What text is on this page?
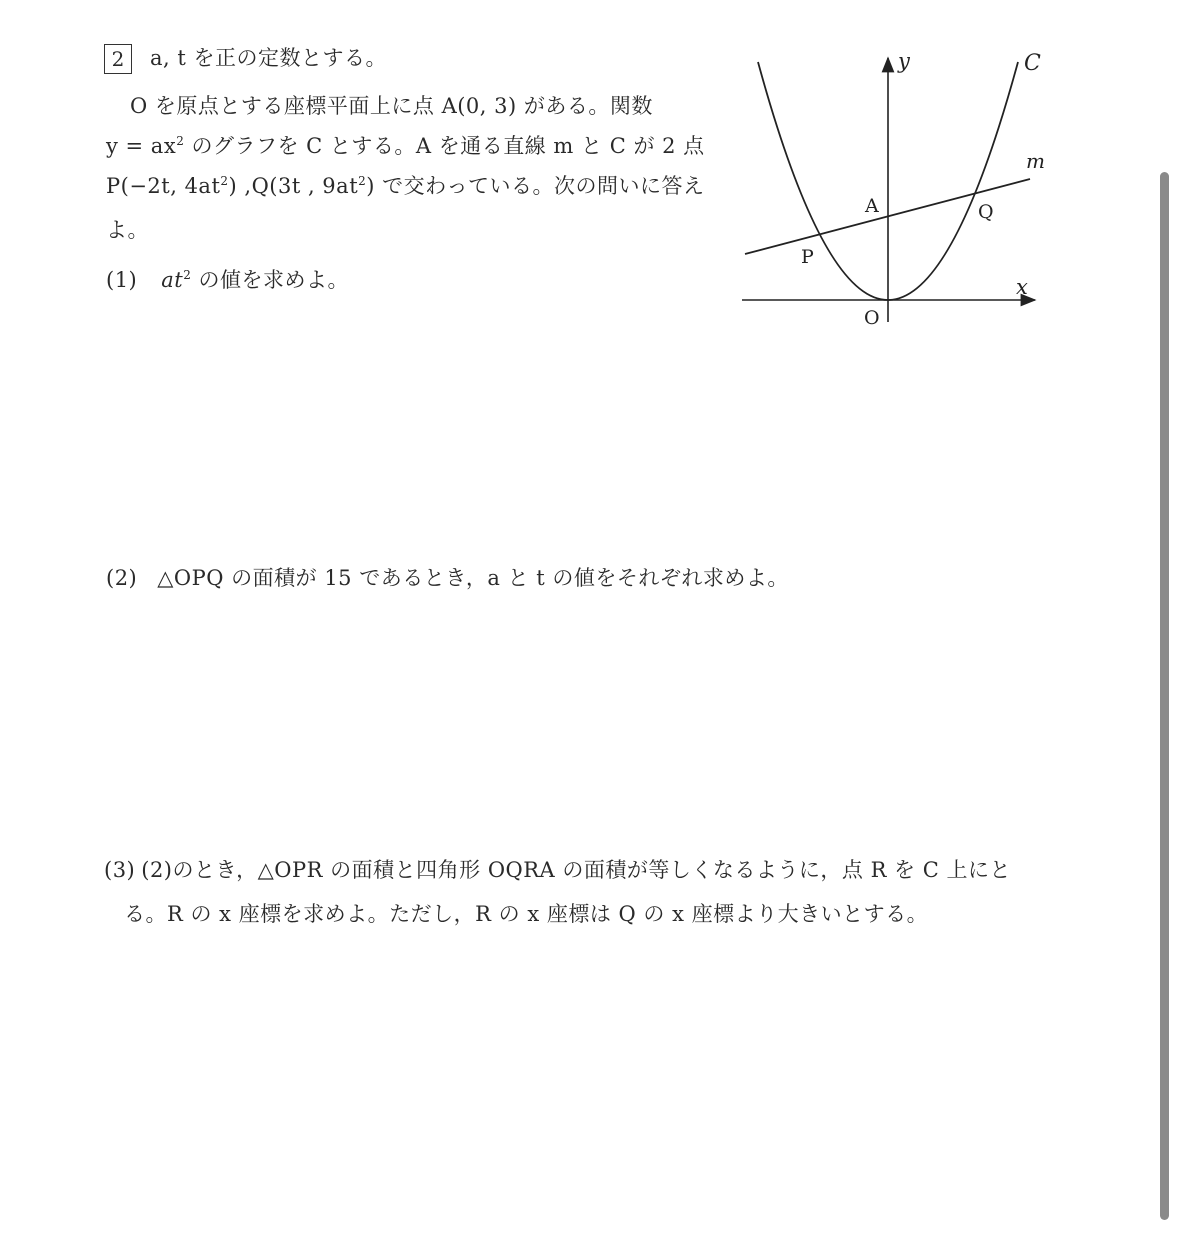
2	a, t を正の定数とする。
O を原点とする座標平面上に点 A(0, 3) がある。関数
$y = ax^2$ のグラフを C とする。A を通る直線 m と C が 2 点
P(−2t, $4at^2$) ,Q(3t , $9at^2$) で交わっている。次の問いに答え
よ。
(1) $at^2$ の値を求めよ。
y	C
m
A	Q
P
x
O
(2) △OPQ の面積が 15 であるとき，a と t の値をそれぞれ求めよ。
(3) (2)のとき，△OPR の面積と四角形 OQRA の面積が等しくなるように，点 R を C 上にと
る。R の x 座標を求めよ。ただし，R の x 座標は Q の x 座標より大きいとする。
